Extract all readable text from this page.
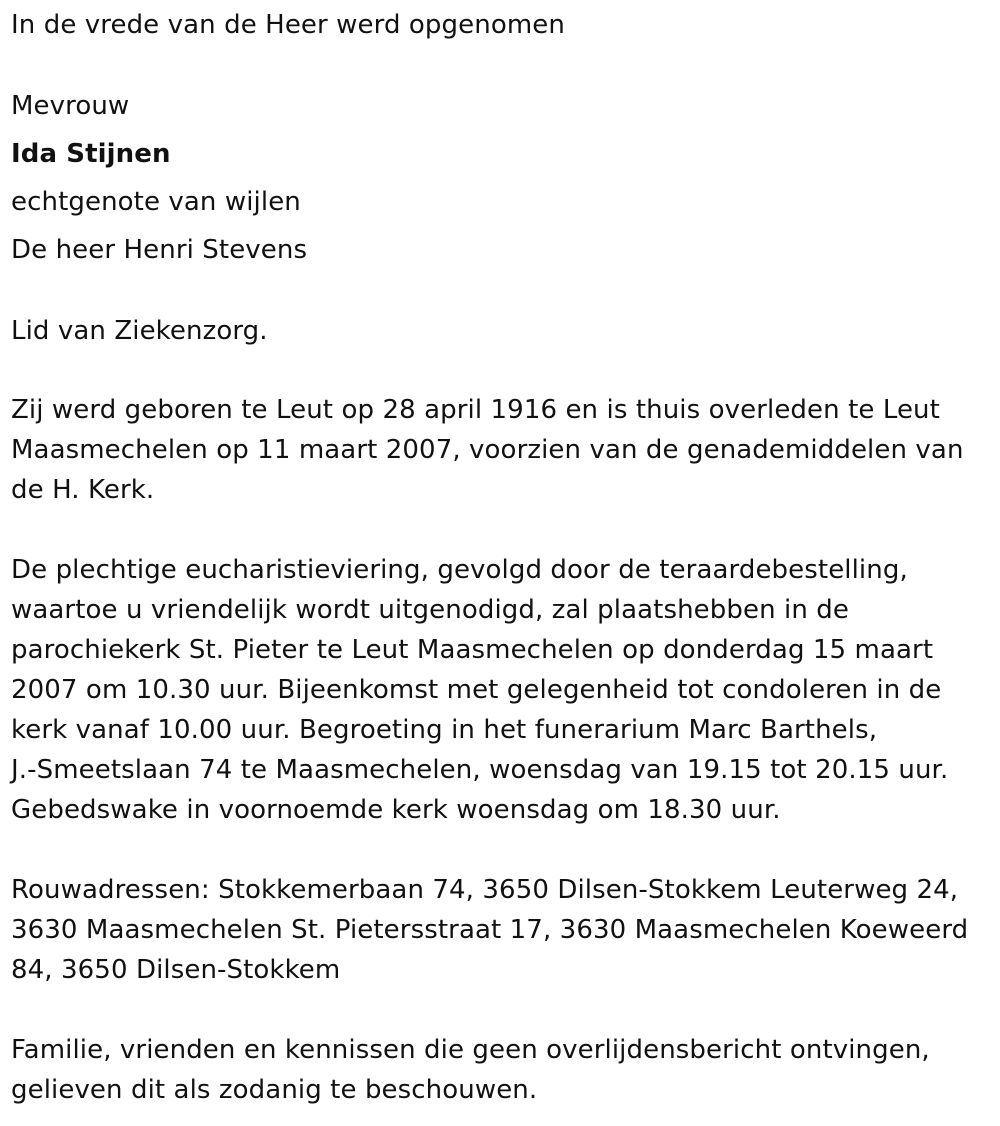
In de vrede van de Heer werd opgenomen
Mevrouw
Ida Stijnen
echtgenote van wijlen
De heer Henri Stevens
Lid van Ziekenzorg.
Zij werd geboren te Leut op 28 april 1916 en is thuis overleden te Leut
Maasmechelen op 11 maart 2007, voorzien van de genademiddelen van
de H. Kerk.
De plechtige eucharistieviering, gevolgd door de teraardebestelling,
waartoe u vriendelijk wordt uitgenodigd, zal plaatshebben in de
parochiekerk St. Pieter te Leut Maasmechelen op donderdag 15 maart
2007 om 10.30 uur. Bijeenkomst met gelegenheid tot condoleren in de
kerk vanaf 10.00 uur. Begroeting in het funerarium Marc Barthels,
J.-Smeetslaan 74 te Maasmechelen, woensdag van 19.15 tot 20.15 uur.
Gebedswake in voornoemde kerk woensdag om 18.30 uur.
Rouwadressen: Stokkemerbaan 74, 3650 Dilsen-Stokkem Leuterweg 24,
3630 Maasmechelen St. Pietersstraat 17, 3630 Maasmechelen Koeweerd
84, 3650 Dilsen-Stokkem
Familie, vrienden en kennissen die geen overlijdensbericht ontvingen,
gelieven dit als zodanig te beschouwen.
